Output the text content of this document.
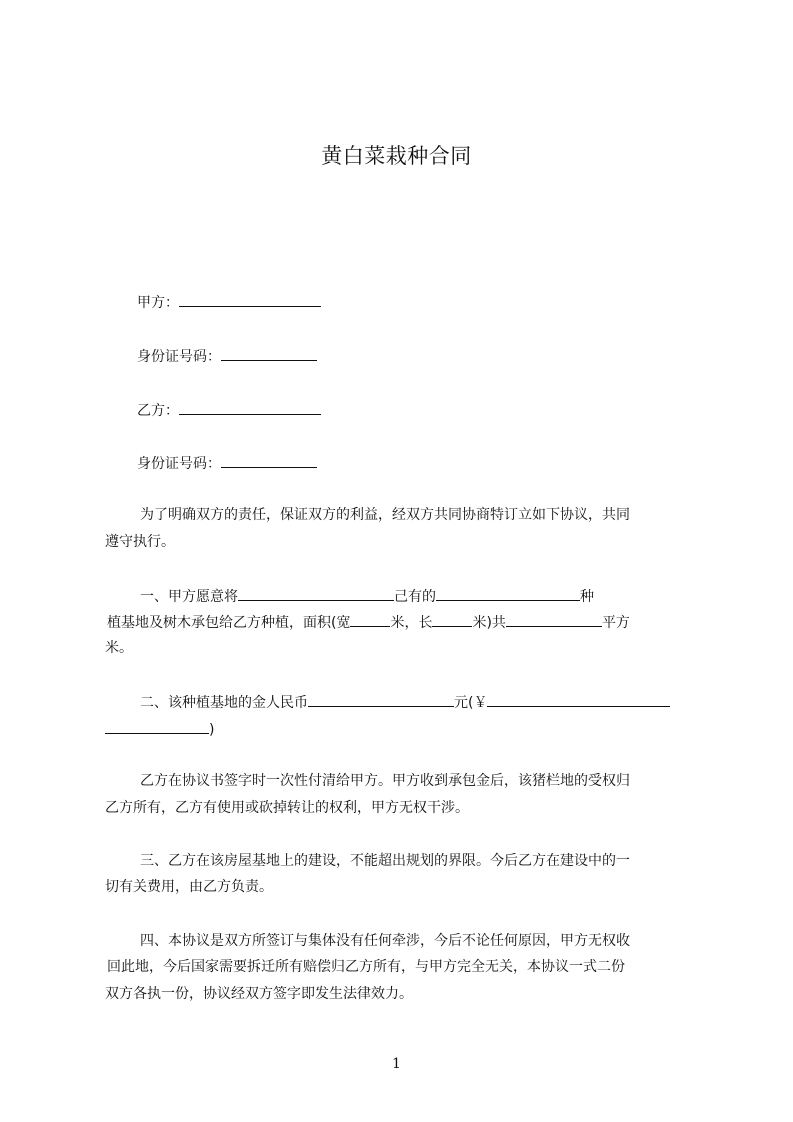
黄白菜栽种合同
甲方：
身份证号码：
乙方：
身份证号码：
为了明确双方的责任，保证双方的利益，经双方共同协商特订立如下协议，共同
遵守执行。
一、甲方愿意将	己有的	种
植基地及树木承包给乙方种植，面积(宽	米，长	米)共	平方
米。
二、该种植基地的金人民币	元(￥
)
乙方在协议书签字时一次性付清给甲方。甲方收到承包金后，该猪栏地的受权归
乙方所有，乙方有使用或砍掉转让的权利，甲方无权干涉。
三、乙方在该房屋基地上的建设，不能超出规划的界限。今后乙方在建设中的一
切有关费用，由乙方负责。
四、本协议是双方所签订与集体没有任何牵涉，今后不论任何原因，甲方无权收
回此地，今后国家需要拆迁所有赔偿归乙方所有，与甲方完全无关，本协议一式二份
双方各执一份，协议经双方签字即发生法律效力。
1
